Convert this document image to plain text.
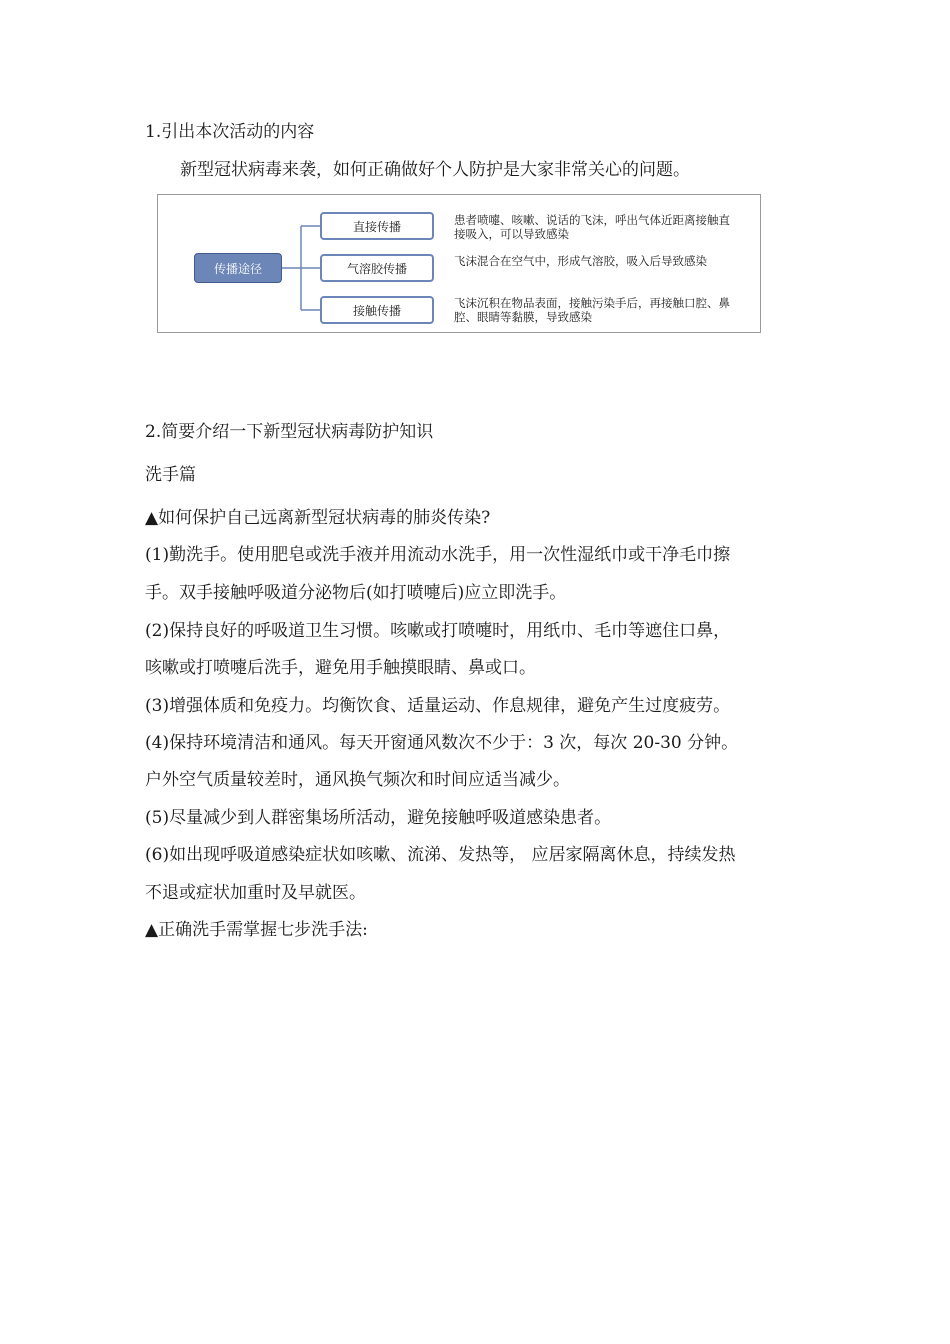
1.引出本次活动的内容
新型冠状病毒来袭，如何正确做好个人防护是大家非常关心的问题。
传播途径
直接传播
气溶胶传播
接触传播
患者喷嚏、咳嗽、说话的飞沫，呼出气体近距离接触直接吸入，可以导致感染
飞沫混合在空气中，形成气溶胶，吸入后导致感染
飞沫沉积在物品表面，接触污染手后，再接触口腔、鼻腔、眼睛等黏膜，导致感染
2.简要介绍一下新型冠状病毒防护知识
洗手篇
▲如何保护自己远离新型冠状病毒的肺炎传染?
(1)勤洗手。使用肥皂或洗手液并用流动水洗手，用一次性湿纸巾或干净毛巾擦
手。双手接触呼吸道分泌物后(如打喷嚏后)应立即洗手。
(2)保持良好的呼吸道卫生习惯。咳嗽或打喷嚏时，用纸巾、毛巾等遮住口鼻，
咳嗽或打喷嚏后洗手，避免用手触摸眼睛、鼻或口。
(3)增强体质和免疫力。均衡饮食、适量运动、作息规律，避免产生过度疲劳。
(4)保持环境清洁和通风。每天开窗通风数次不少于：3 次，每次 20-30 分钟。
户外空气质量较差时，通风换气频次和时间应适当减少。
(5)尽量减少到人群密集场所活动，避免接触呼吸道感染患者。
(6)如出现呼吸道感染症状如咳嗽、流涕、发热等， 应居家隔离休息，持续发热
不退或症状加重时及早就医。
▲正确洗手需掌握七步洗手法:
